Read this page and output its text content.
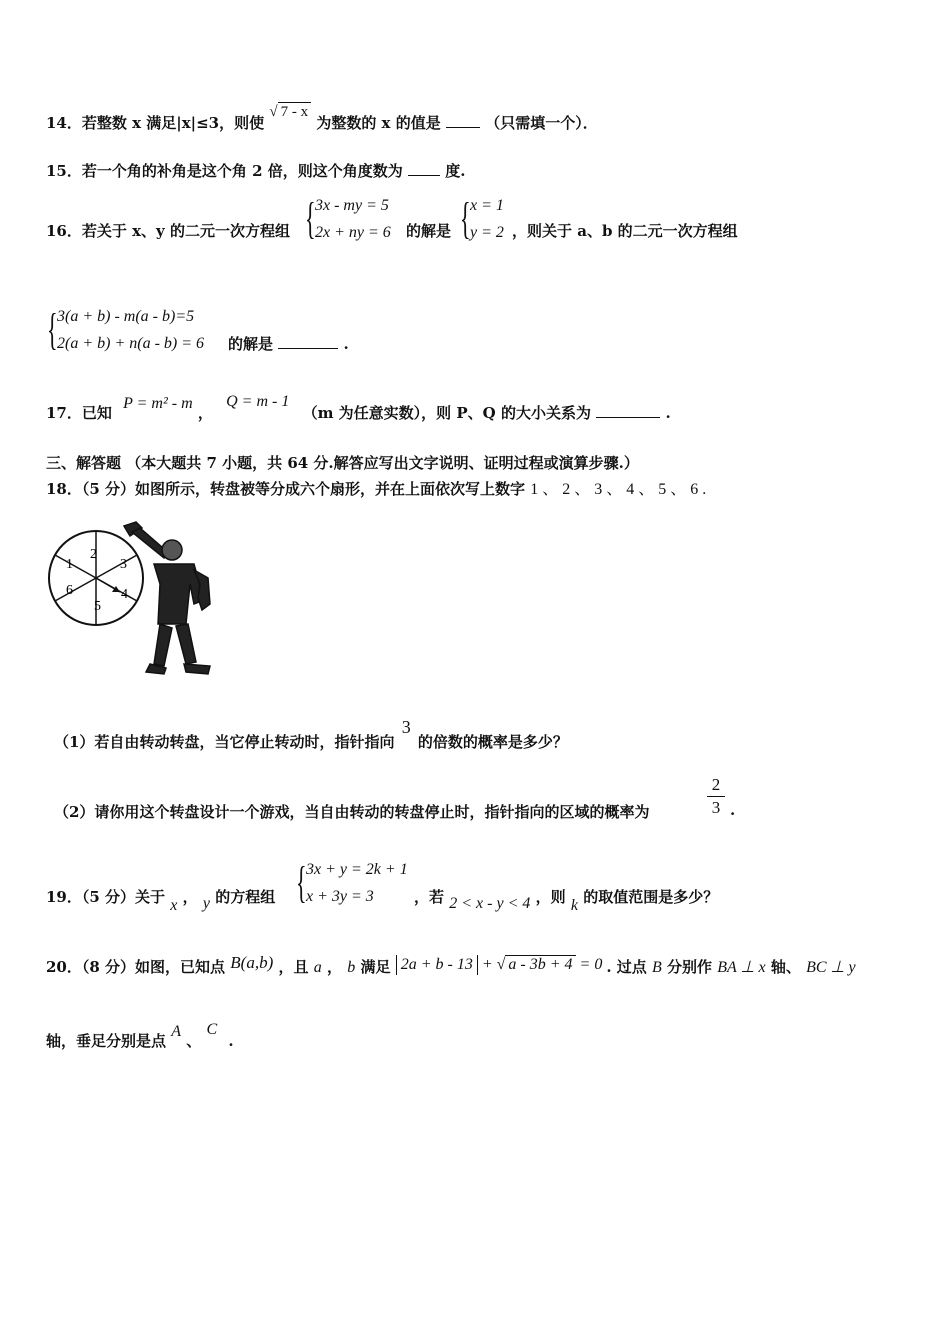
14．若整数 x 满足|x|≤3，则使 √ 7 - x 为整数的 x 的值是	（只需填一个）．
15．若一个角的补角是这个角 2 倍，则这个角度数为	度.
16．若关于 x、y 的二元一次方程组 { 3x - my = 5
2x + ny = 6 的解是 { x = 1
y = 2 ，则关于 a、b 的二元一次方程组
{ 3(a + b) - m(a - b)=5
2(a + b) + n(a - b) = 6 的解是	.
17．已知 P = m² - m ， Q = m - 1 （m 为任意实数），则 P、Q 的大小关系为	.
三、解答题 （本大题共 7 小题，共 64 分.解答应写出文字说明、证明过程或演算步骤.）
18．（5 分）如图所示，转盘被等分成六个扇形，并在上面依次写上数字 1 、 2 、 3 、 4 、 5 、 6 .
1
2
3
4
5
6
（1）若自由转动转盘，当它停止转动时，指针指向 3 的倍数的概率是多少？
（2）请你用这个转盘设计一个游戏，当自由转动的转盘停止时，指针指向的区域的概率为	$\frac{2}{3}$ .
19．（5 分）关于 x ， y 的方程组 { 3x + y = 2k + 1
x + 3y = 3	，若 2 < x - y < 4 ，则 k 的取值范围是多少？
20．（8 分）如图，已知点 B(a,b) ，且 a ， b 满足 2a + b - 13 + √ a - 3b + 4 = 0 . 过点 B 分别作 BA ⊥ x 轴、 BC ⊥ y
轴，垂足分别是点 A 、 C .
